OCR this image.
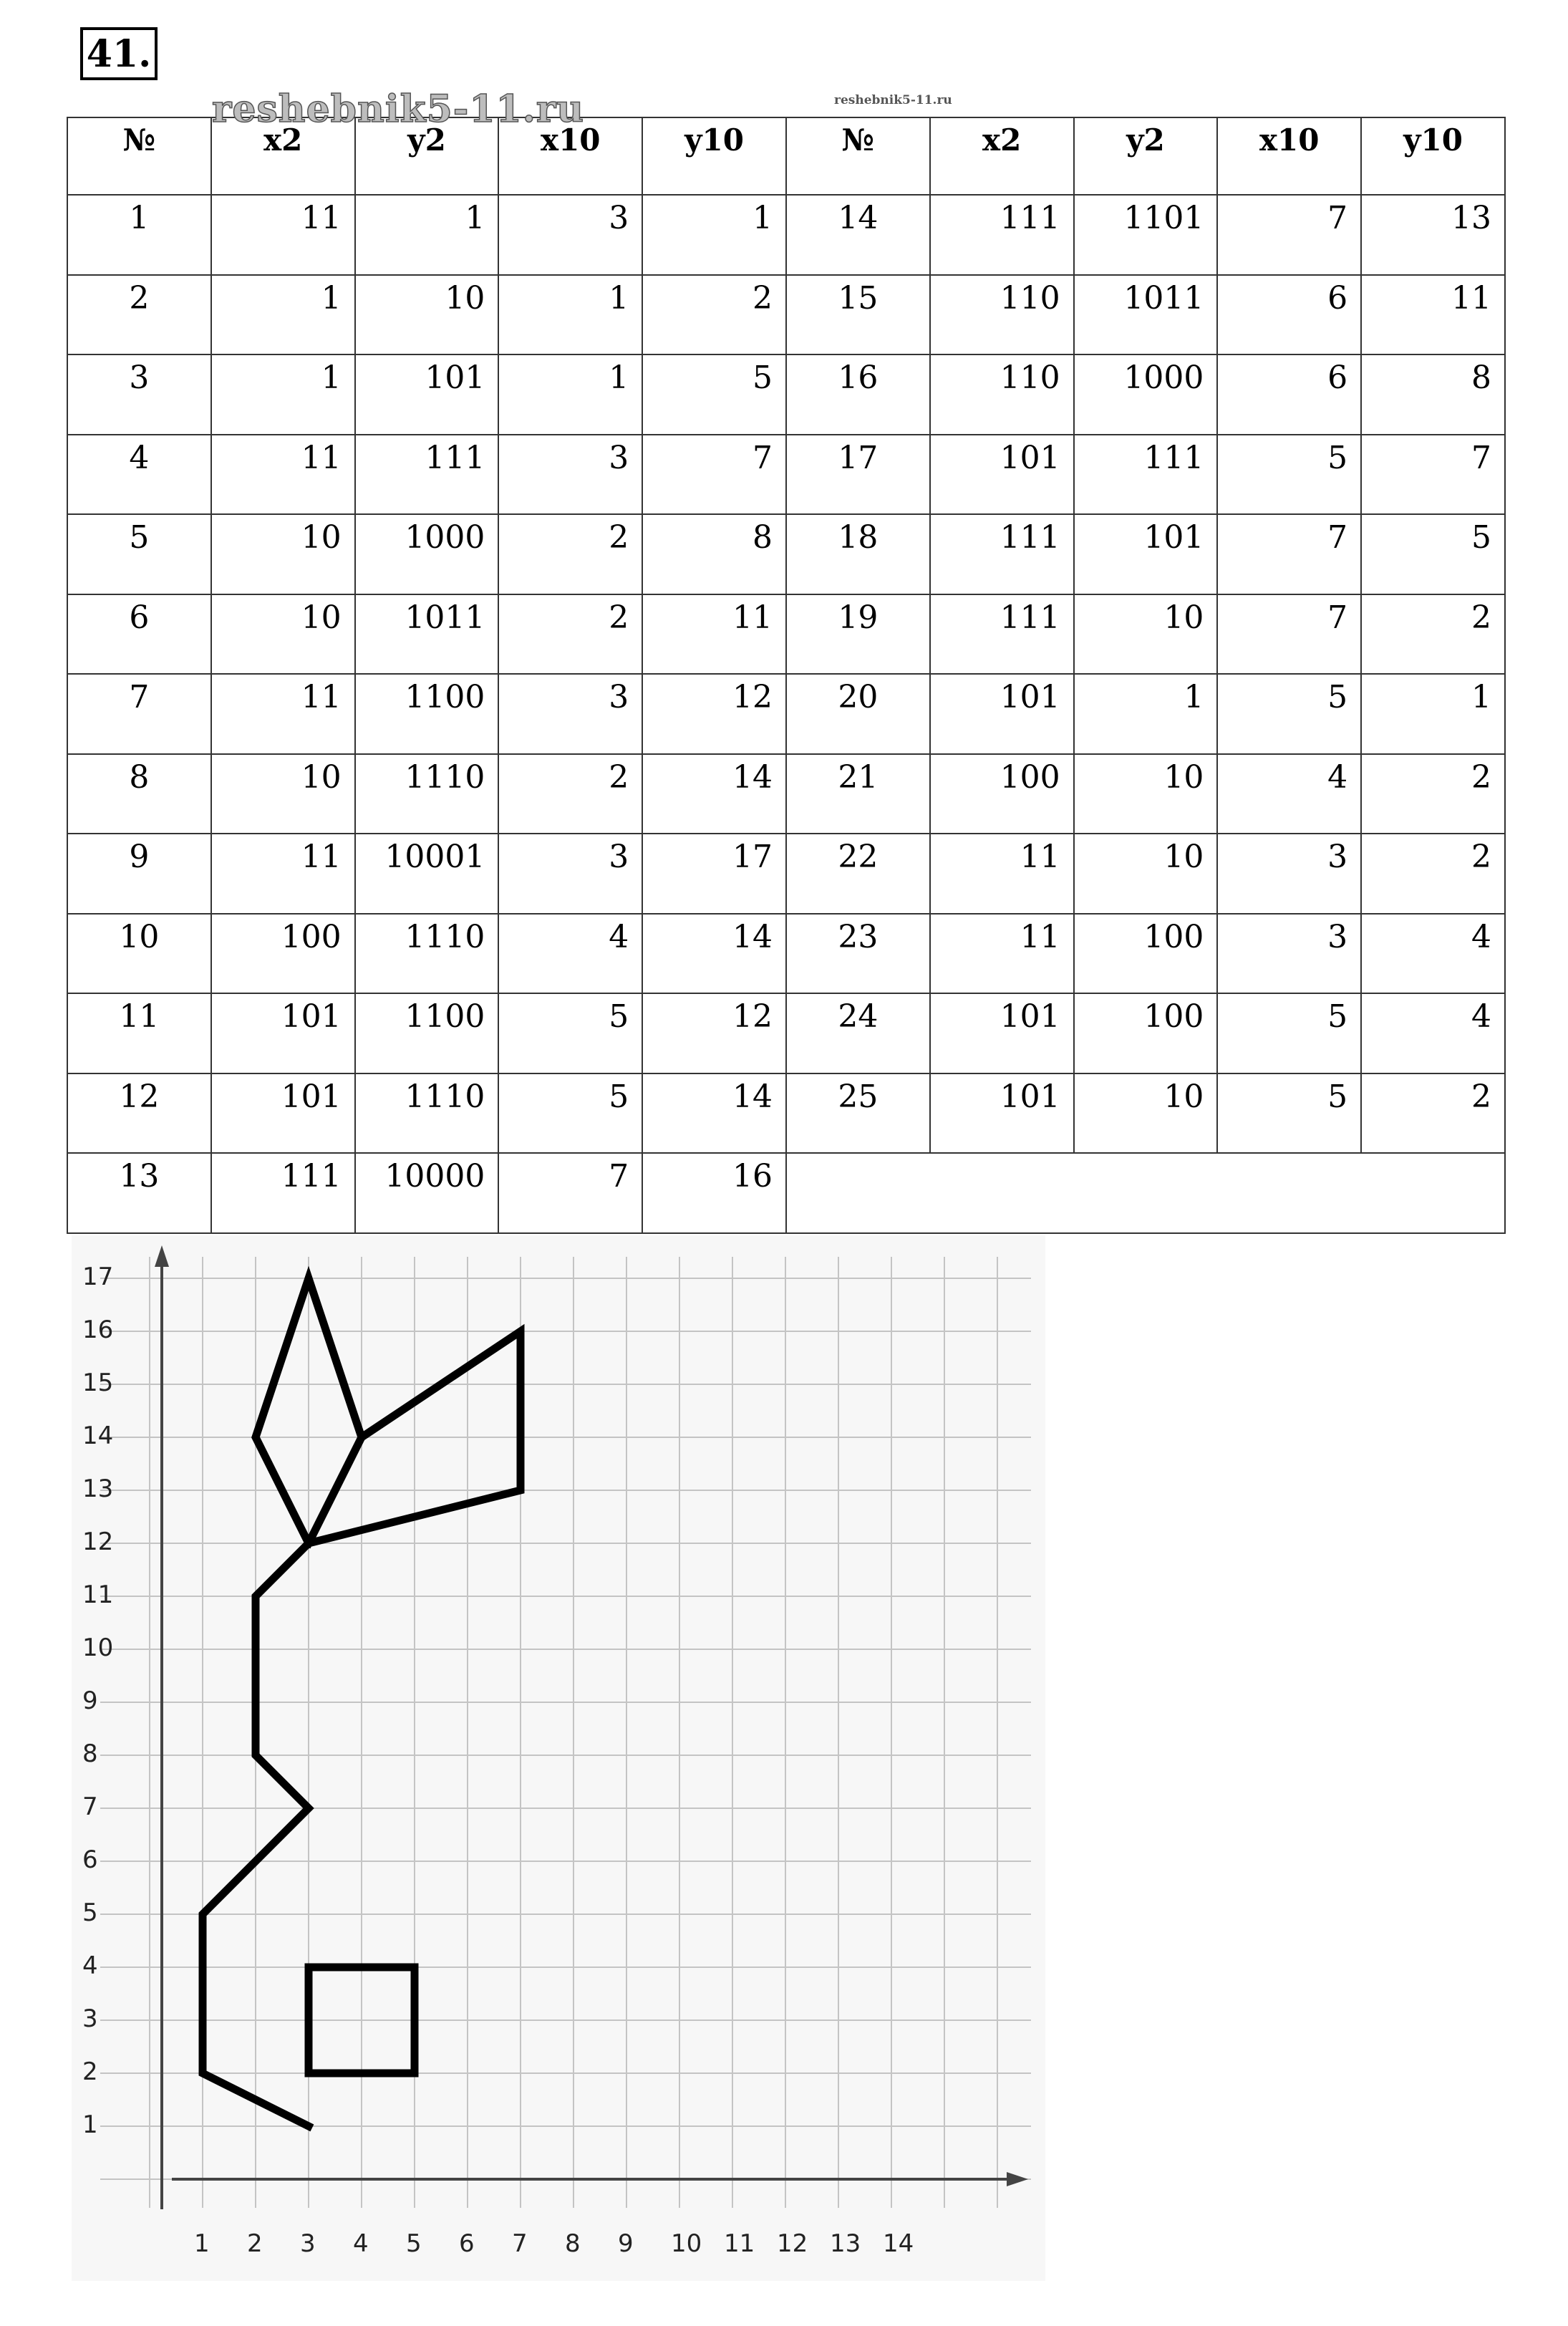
41.
№	x2	y2	x10	y10	№	x2	y2	x10	y10
1	11	1	3	1	14	111	1101	7	13
2	1	10	1	2	15	110	1011	6	11
3	1	101	1	5	16	110	1000	6	8
4	11	111	3	7	17	101	111	5	7
5	10	1000	2	8	18	111	101	7	5
6	10	1011	2	11	19	111	10	7	2
7	11	1100	3	12	20	101	1	5	1
8	10	1110	2	14	21	100	10	4	2
9	11	10001	3	17	22	11	10	3	2
10	100	1110	4	14	23	11	100	3	4
11	101	1100	5	12	24	101	100	5	4
12	101	1110	5	14	25	101	10	5	2
13	111	10000	7	16					
reshebnik5-11.ru	reshebnik5-11.ru
1
2
3
4
5
6
7
8
9
10
11
12
13
14
15
16
17
1 2 3 4 5 6 7 8 9 10 11 12 13 14
